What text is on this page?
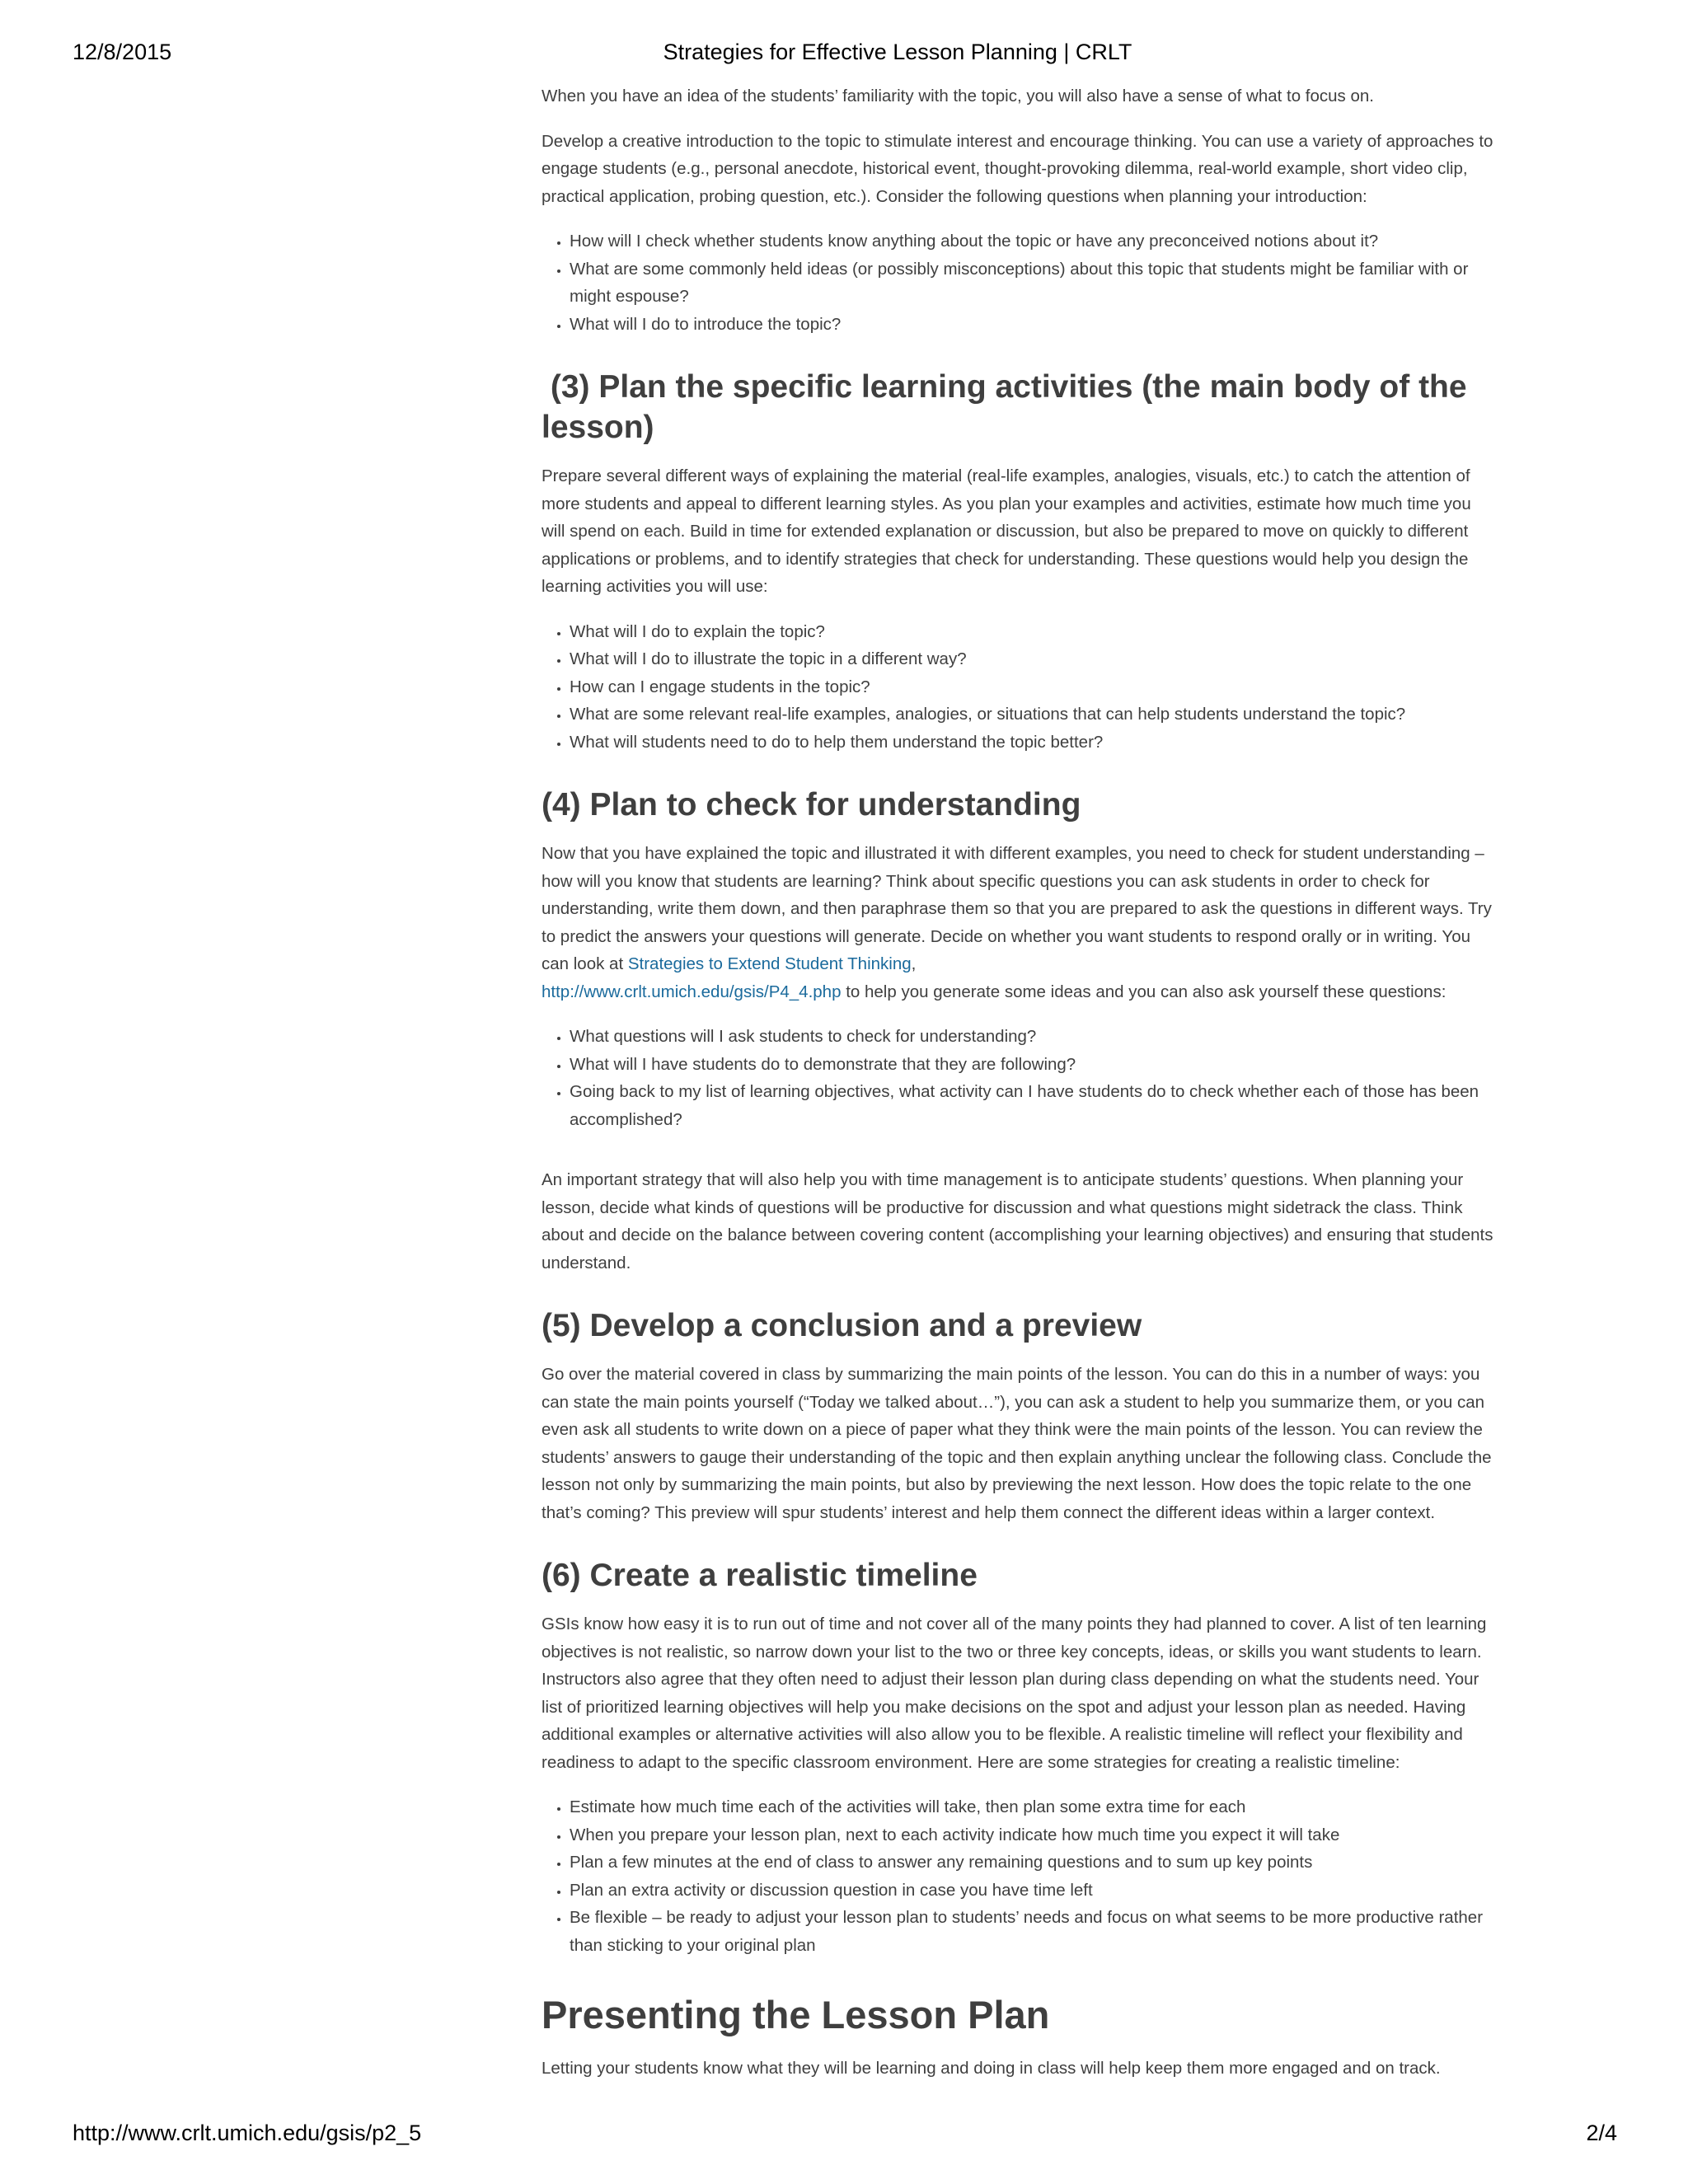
12/8/2015	Strategies for Effective Lesson Planning | CRLT

When you have an idea of the students’ familiarity with the topic, you will also have a sense of what to focus on.

Develop a creative introduction to the topic to stimulate interest and encourage thinking. You can use a variety of approaches to engage students (e.g., personal anecdote, historical event, thought-provoking dilemma, real-world example, short video clip, practical application, probing question, etc.). Consider the following questions when planning your introduction:

• How will I check whether students know anything about the topic or have any preconceived notions about it?
• What are some commonly held ideas (or possibly misconceptions) about this topic that students might be familiar with or might espouse?
• What will I do to introduce the topic?
(3) Plan the specific learning activities (the main body of the lesson)

Prepare several different ways of explaining the material (real-life examples, analogies, visuals, etc.) to catch the attention of more students and appeal to different learning styles. As you plan your examples and activities, estimate how much time you will spend on each. Build in time for extended explanation or discussion, but also be prepared to move on quickly to different applications or problems, and to identify strategies that check for understanding. These questions would help you design the learning activities you will use:

• What will I do to explain the topic?
• What will I do to illustrate the topic in a different way?
• How can I engage students in the topic?
• What are some relevant real-life examples, analogies, or situations that can help students understand the topic?
• What will students need to do to help them understand the topic better?
(4) Plan to check for understanding

Now that you have explained the topic and illustrated it with different examples, you need to check for student understanding – how will you know that students are learning? Think about specific questions you can ask students in order to check for understanding, write them down, and then paraphrase them so that you are prepared to ask the questions in different ways. Try to predict the answers your questions will generate. Decide on whether you want students to respond orally or in writing. You can look at Strategies to Extend Student Thinking,
http://www.crlt.umich.edu/gsis/P4_4.php to help you generate some ideas and you can also ask yourself these questions:

• What questions will I ask students to check for understanding?
• What will I have students do to demonstrate that they are following?
• Going back to my list of learning objectives, what activity can I have students do to check whether each of those has been accomplished?

An important strategy that will also help you with time management is to anticipate students’ questions. When planning your lesson, decide what kinds of questions will be productive for discussion and what questions might sidetrack the class. Think about and decide on the balance between covering content (accomplishing your learning objectives) and ensuring that students understand.

(5) Develop a conclusion and a preview

Go over the material covered in class by summarizing the main points of the lesson. You can do this in a number of ways: you can state the main points yourself (“Today we talked about…”), you can ask a student to help you summarize them, or you can even ask all students to write down on a piece of paper what they think were the main points of the lesson. You can review the students’ answers to gauge their understanding of the topic and then explain anything unclear the following class. Conclude the lesson not only by summarizing the main points, but also by previewing the next lesson. How does the topic relate to the one that’s coming? This preview will spur students’ interest and help them connect the different ideas within a larger context.

(6) Create a realistic timeline

GSIs know how easy it is to run out of time and not cover all of the many points they had planned to cover. A list of ten learning objectives is not realistic, so narrow down your list to the two or three key concepts, ideas, or skills you want students to learn. Instructors also agree that they often need to adjust their lesson plan during class depending on what the students need. Your list of prioritized learning objectives will help you make decisions on the spot and adjust your lesson plan as needed. Having additional examples or alternative activities will also allow you to be flexible. A realistic timeline will reflect your flexibility and readiness to adapt to the specific classroom environment. Here are some strategies for creating a realistic timeline:

• Estimate how much time each of the activities will take, then plan some extra time for each
• When you prepare your lesson plan, next to each activity indicate how much time you expect it will take
• Plan a few minutes at the end of class to answer any remaining questions and to sum up key points
• Plan an extra activity or discussion question in case you have time left
• Be flexible – be ready to adjust your lesson plan to students’ needs and focus on what seems to be more productive rather than sticking to your original plan
Presenting the Lesson Plan

Letting your students know what they will be learning and doing in class will help keep them more engaged and on track.

http://www.crlt.umich.edu/gsis/p2_5	2/4
